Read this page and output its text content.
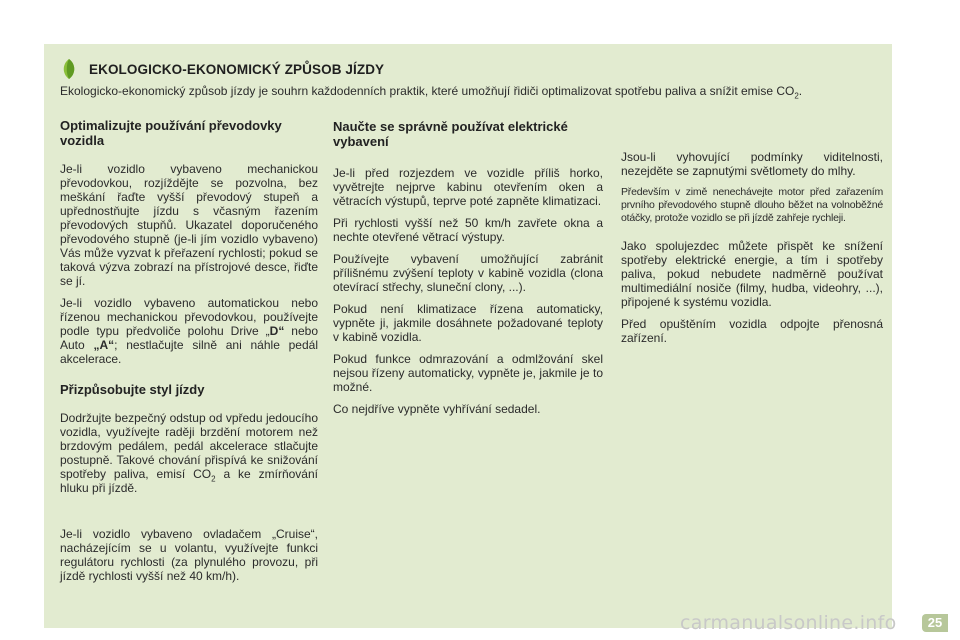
EKOLOGICKO-EKONOMICKÝ ZPŮSOB JÍZDY
Ekologicko-ekonomický způsob jízdy je souhrn každodenních praktik, které umožňují řidiči optimalizovat spotřebu paliva a snížit emise $CO_2$.
Optimalizujte používání převodovky vozidla

Je-li vozidlo vybaveno mechanickou převodovkou, rozjíždějte se pozvolna, bez meškání řaďte vyšší převodový stupeň a upřednostňujte jízdu s včasným řazením převodových stupňů. Ukazatel doporučeného převodového stupně (je-li jím vozidlo vybaveno) Vás může vyzvat k přeřazení rychlosti; pokud se taková výzva zobrazí na přístrojové desce, řiďte se jí.

Je-li vozidlo vybaveno automatickou nebo řízenou mechanickou převodovkou, používejte podle typu předvoliče polohu Drive „D“ nebo Auto „A“; nestlačujte silně ani náhle pedál akcelerace.

Přizpůsobujte styl jízdy

Dodržujte bezpečný odstup od vpředu jedoucího vozidla, využívejte raději brzdění motorem než brzdovým pedálem, pedál akcelerace stlačujte postupně. Takové chování přispívá ke snižování spotřeby paliva, emisí $CO_2$ a ke zmírňování hluku při jízdě.

Je-li vozidlo vybaveno ovladačem „Cruise“, nacházejícím se u volantu, využívejte funkci regulátoru rychlosti (za plynulého provozu, při jízdě rychlosti vyšší než 40 km/h).

Naučte se správně používat elektrické vybavení

Je-li před rozjezdem ve vozidle příliš horko, vyvětrejte nejprve kabinu otevřením oken a větracích výstupů, teprve poté zapněte klimatizaci.

Při rychlosti vyšší než 50 km/h zavřete okna a nechte otevřené větrací výstupy.

Používejte vybavení umožňující zabránit přílišnému zvýšení teploty v kabině vozidla (clona otevírací střechy, sluneční clony, ...).

Pokud není klimatizace řízena automaticky, vypněte ji, jakmile dosáhnete požadované teploty v kabině vozidla.

Pokud funkce odmrazování a odmlžování skel nejsou řízeny automaticky, vypněte je, jakmile je to možné.

Co nejdříve vypněte vyhřívání sedadel.

Jsou-li vyhovující podmínky viditelnosti, nezejděte se zapnutými světlomety do mlhy.

Především v zimě nenechávejte motor před zařazením prvního převodového stupně dlouho běžet na volnoběžné otáčky, protože vozidlo se při jízdě zahřeje rychleji.

Jako spolujezdec můžete přispět ke snížení spotřeby elektrické energie, a tím i spotřeby paliva, pokud nebudete nadměrně používat multimediální nosiče (filmy, hudba, videohry, ...), připojené k systému vozidla.

Před opuštěním vozidla odpojte přenosná zařízení.

carmanualsonline.info	25
